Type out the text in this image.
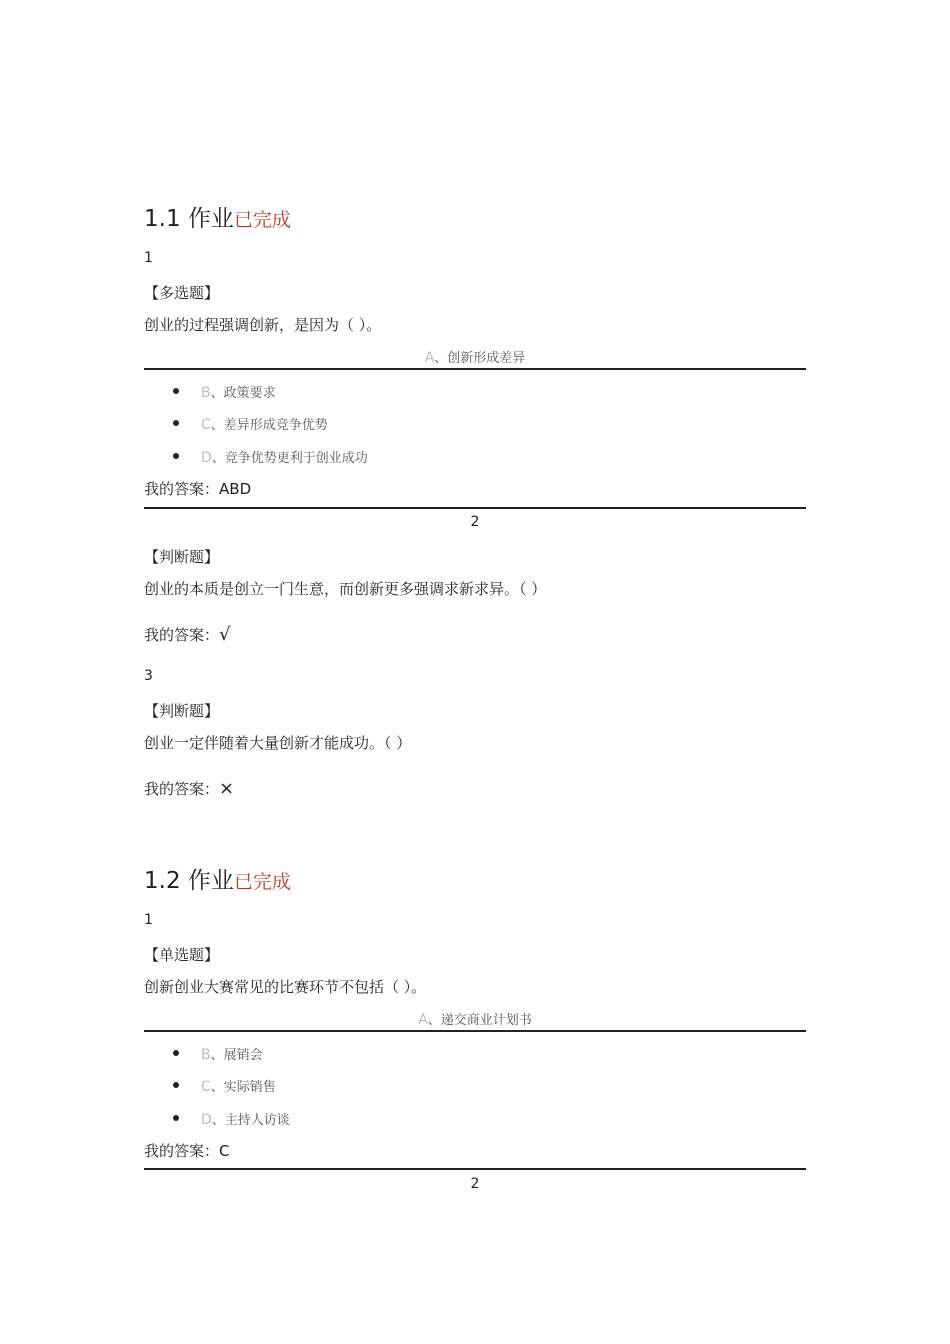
1.1 作业已完成
1
【多选题】
创业的过程强调创新，是因为（ ）。
A、创新形成差异
B、政策要求
C、差异形成竞争优势
D、竞争优势更利于创业成功
我的答案：ABD
2
【判断题】
创业的本质是创立一门生意，而创新更多强调求新求异。（ ）
我的答案：√
3
【判断题】
创业一定伴随着大量创新才能成功。（ ）
我的答案：×
1.2 作业已完成
1
【单选题】
创新创业大赛常见的比赛环节不包括（ ）。
A、递交商业计划书
B、展销会
C、实际销售
D、主持人访谈
我的答案：C
2
